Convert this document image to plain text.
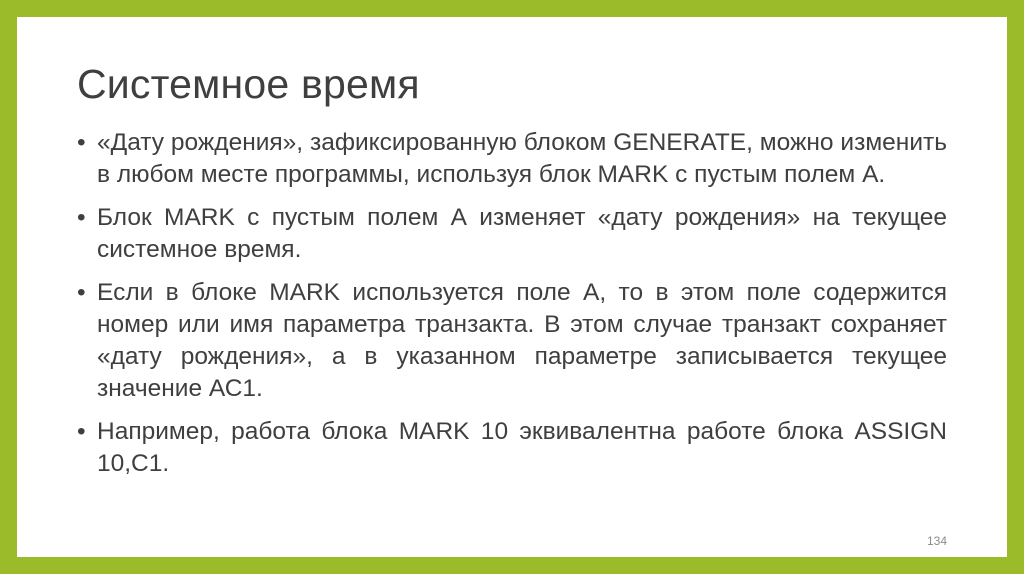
Системное время
• «Дату рождения», зафиксированную блоком GENERATE, можно изменить в любом месте программы, используя блок MARK с пустым полем А.
• Блок MARK с пустым полем А изменяет «дату рождения» на текущее системное время.
• Если в блоке MARK используется поле А, то в этом поле содержится номер или имя параметра транзакта. В этом случае транзакт сохраняет «дату рождения», а в указанном параметре записывается текущее значение АС1.
• Например, работа блока MARK 10 эквивалентна работе блока ASSIGN 10,С1.
134
